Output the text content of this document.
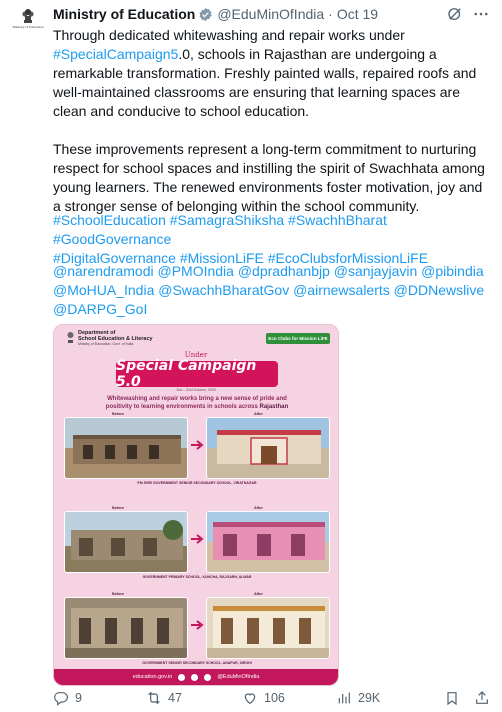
Ministry of Education
Ministry of Education @EduMinOfIndia · Oct 19

Through dedicated whitewashing and repair works under #SpecialCampaign5.0, schools in Rajasthan are undergoing a remarkable transformation. Freshly painted walls, repaired roofs and well-maintained classrooms are ensuring that learning spaces are clean and conducive to school education.

These improvements represent a long-term commitment to nurturing respect for school spaces and instilling the spirit of Swachhata among young learners. The renewed environments foster motivation, joy and a stronger sense of belonging within the school community.

#SchoolEducation #SamagraShiksha #SwachhBharat #GoodGovernance
#DigitalGovernance #MissionLiFE #EcoClubsforMissionLiFE
@narendramodi @PMOIndia @dpradhanbjp @sanjayjavin @pibindia
@MoHUA_India @SwachhBharatGov @airnewsalerts @DDNewslive
@DARPG_GoI
Department of
School Education & Literacy
Ministry of Education, Govt. of India
Eco Clubs for Mission LiFE
Under
Special Campaign 5.0	2nd – 31st October, 2025
Whitewashing and repair works bring a new sense of pride and
positivity to learning environments in schools across Rajasthan
Before	After
PM SHRI GOVERNMENT SENIOR SECONDARY SCHOOL, VIRATNAGAR
Before	After
GOVERNMENT PRIMARY SCHOOL, KUNCHA, RAJGARH, ALWAR
Before	After
GOVERNMENT SENIOR SECONDARY SCHOOL, ANAPUR, SIROHI
education.gov.in	@EduMinOfIndia
9	47	106	29K
